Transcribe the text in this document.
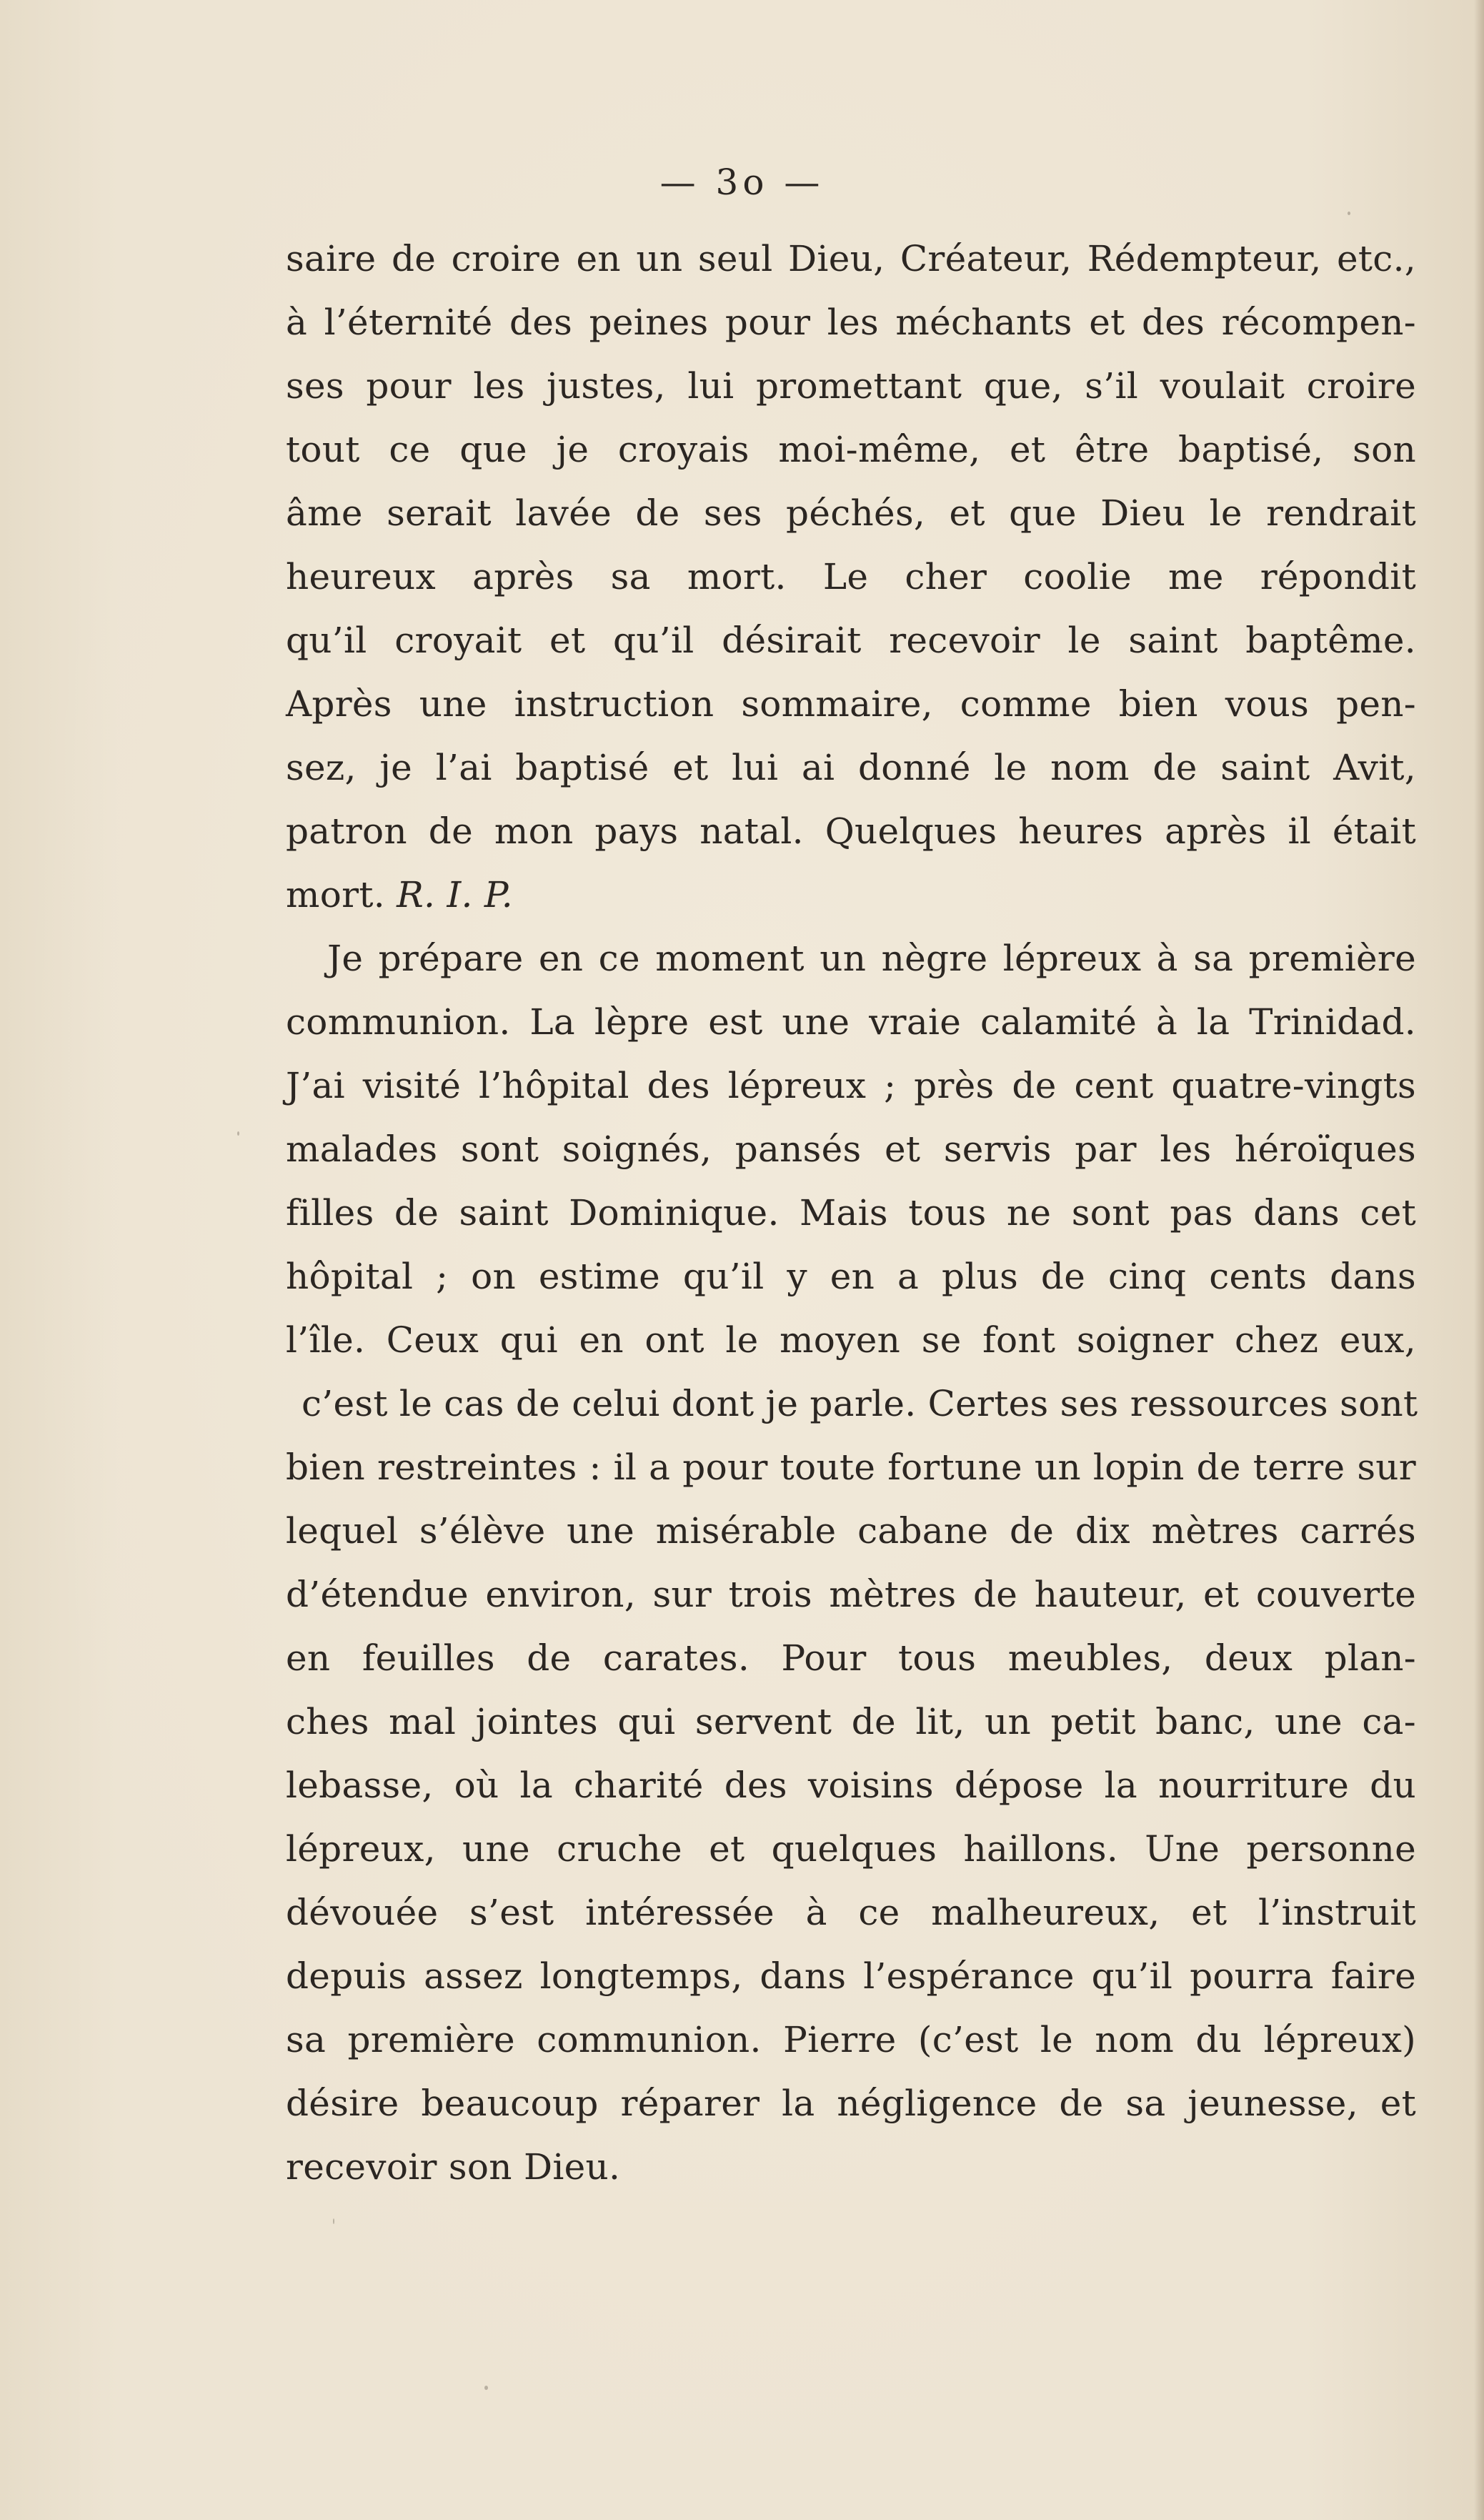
— 3o —
saire de croire en un seul Dieu, Créateur, Rédempteur, etc.,
à l’éternité des peines pour les méchants et des récompen-
ses pour les justes, lui promettant que, s’il voulait croire
tout ce que je croyais moi-même, et être baptisé, son
âme serait lavée de ses péchés, et que Dieu le rendrait
heureux après sa mort. Le cher coolie me répondit
qu’il croyait et qu’il désirait recevoir le saint baptême.
Après une instruction sommaire, comme bien vous pen-
sez, je l’ai baptisé et lui ai donné le nom de saint Avit,
patron de mon pays natal. Quelques heures après il était
mort. R. I. P.
Je prépare en ce moment un nègre lépreux à sa première
communion. La lèpre est une vraie calamité à la Trinidad.
J’ai visité l’hôpital des lépreux ; près de cent quatre-vingts
malades sont soignés, pansés et servis par les héroïques
filles de saint Dominique. Mais tous ne sont pas dans cet
hôpital ; on estime qu’il y en a plus de cinq cents dans
l’île. Ceux qui en ont le moyen se font soigner chez eux,
c’est le cas de celui dont je parle. Certes ses ressources sont
bien restreintes : il a pour toute fortune un lopin de terre sur
lequel s’élève une misérable cabane de dix mètres carrés
d’étendue environ, sur trois mètres de hauteur, et couverte
en feuilles de carates. Pour tous meubles, deux plan-
ches mal jointes qui servent de lit, un petit banc, une ca-
lebasse, où la charité des voisins dépose la nourriture du
lépreux, une cruche et quelques haillons. Une personne
dévouée s’est intéressée à ce malheureux, et l’instruit
depuis assez longtemps, dans l’espérance qu’il pourra faire
sa première communion. Pierre (c’est le nom du lépreux)
désire beaucoup réparer la négligence de sa jeunesse, et
recevoir son Dieu.
